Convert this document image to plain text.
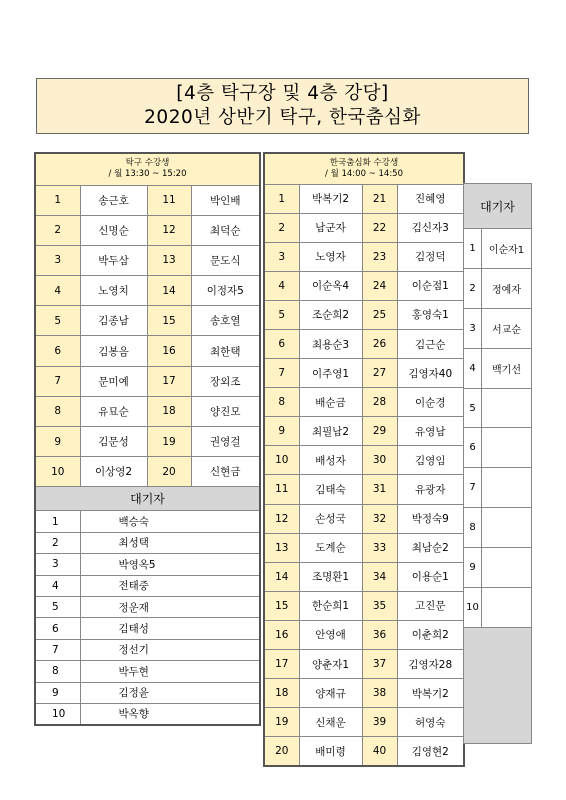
[4층 탁구장 및 4층 강당]
2020년 상반기 탁구, 한국춤심화
탁구 수강생
/ 월 13:30 ~ 15:20			

1	송근호	11	박인배
2	신명순	12	최덕순
3	박두삼	13	문도식
4	노영치	14	이정자5
5	김종남	15	송호열
6	김봉음	16	최한택
7	문미예	17	장외조
8	유묘순	18	양진모
9	김문성	19	권영걸
10	이상영2	20	신현금
대기자			
1	백승숙		
2	최성택		
3	박영옥5		
4	전태중		
5	정운재		
6	김태성		
7	정선기		
8	박두현		
9	김정윤		
10	박옥향		
한국춤심화 수강생
/ 월 14:00 ~ 14:50			

1	박복기2	21	진혜영
2	남군자	22	김신자3
3	노영자	23	김정덕
4	이순옥4	24	이순점1
5	조순희2	25	홍영숙1
6	최용순3	26	김근순
7	이주영1	27	김영자40
8	배순금	28	이순경
9	최필남2	29	유영남
10	배성자	30	김영임
11	김태숙	31	유광자
12	손성국	32	박정숙9
13	도계순	33	최남순2
14	조명환1	34	이용순1
15	한순희1	35	고진문
16	안영애	36	이춘희2
17	양춘자1	37	김영자28
18	양재규	38	박복기2
19	신채운	39	허영숙
20	배미령	40	김영현2
대기자	
1	이순자1
2	정예자
3	서교순
4	백기선
5	
6	
7	
8	
9	
10	
